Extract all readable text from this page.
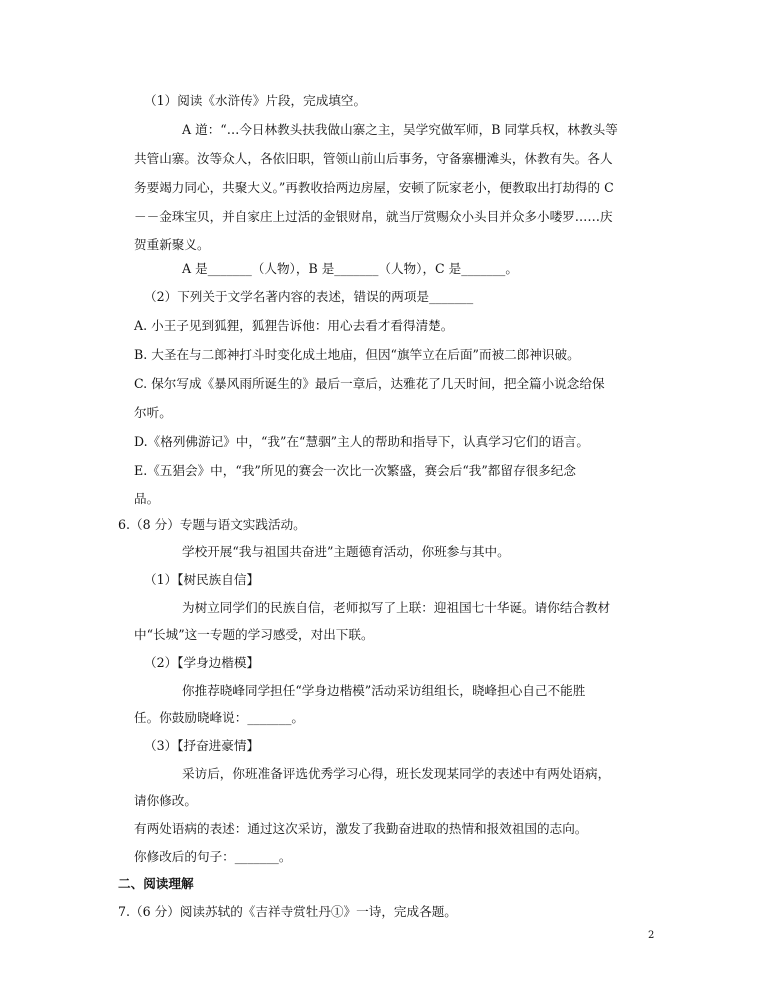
（1）阅读《水浒传》片段，完成填空。
A 道：“…今日林教头扶我做山寨之主，吴学究做军师，B 同掌兵权，林教头等
共管山寨。汝等众人，各依旧职，管领山前山后事务，守备寨栅滩头，休教有失。各人
务要竭力同心，共聚大义。”再教收拾两边房屋，安顿了阮家老小，便教取出打劫得的 C
－－金珠宝贝，并自家庄上过活的金银财帛，就当厅赏赐众小头目并众多小喽罗……庆
贺重新聚义。
A 是_______（人物），B 是_______（人物），C 是_______。
（2）下列关于文学名著内容的表述，错误的两项是_______
A. 小王子见到狐狸，狐狸告诉他：用心去看才看得清楚。
B. 大圣在与二郎神打斗时变化成土地庙，但因“旗竿立在后面”而被二郎神识破。
C. 保尔写成《暴风雨所诞生的》最后一章后，达雅花了几天时间，把全篇小说念给保
尔听。
D.《格列佛游记》中，“我”在“慧骃”主人的帮助和指导下，认真学习它们的语言。
E.《五猖会》中，“我”所见的赛会一次比一次繁盛，赛会后“我”都留存很多纪念
品。
6.（8 分）专题与语文实践活动。
学校开展“我与祖国共奋进”主题德育活动，你班参与其中。
（1）【树民族自信】
为树立同学们的民族自信，老师拟写了上联：迎祖国七十华诞。请你结合教材
中“长城”这一专题的学习感受，对出下联。
（2）【学身边楷模】
你推荐晓峰同学担任“学身边楷模”活动采访组组长，晓峰担心自己不能胜
任。你鼓励晓峰说：_______。
（3）【抒奋进豪情】
采访后，你班准备评选优秀学习心得，班长发现某同学的表述中有两处语病，
请你修改。
有两处语病的表述：通过这次采访，激发了我勤奋进取的热情和报效祖国的志向。
你修改后的句子：_______。
二、阅读理解
7.（6 分）阅读苏轼的《吉祥寺赏牡丹①》一诗，完成各题。
2
